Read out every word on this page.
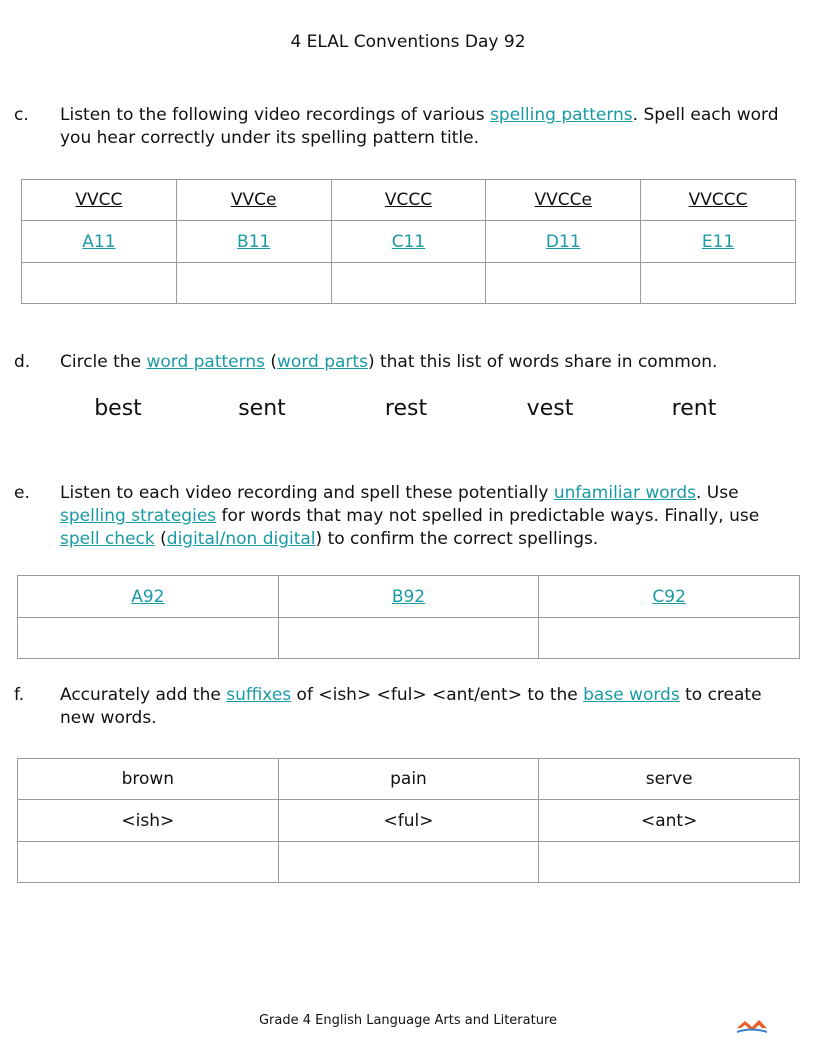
4 ELAL Conventions Day 92
c. Listen to the following video recordings of various spelling patterns. Spell each word you hear correctly under its spelling pattern title.
VVCC	VVCe	VCCC	VVCCe	VVCCC
A11	B11	C11	D11	E11

d. Circle the word patterns (word parts) that this list of words share in common.
best	sent	rest	vest	rent
e. Listen to each video recording and spell these potentially unfamiliar words. Use spelling strategies for words that may not spelled in predictable ways. Finally, use spell check (digital/non digital) to confirm the correct spellings.
A92	B92	C92

f. Accurately add the suffixes of <ish> <ful> <ant/ent> to the base words to create new words.
brown	pain	serve
<ish>	<ful>	<ant>

Grade 4 English Language Arts and Literature
